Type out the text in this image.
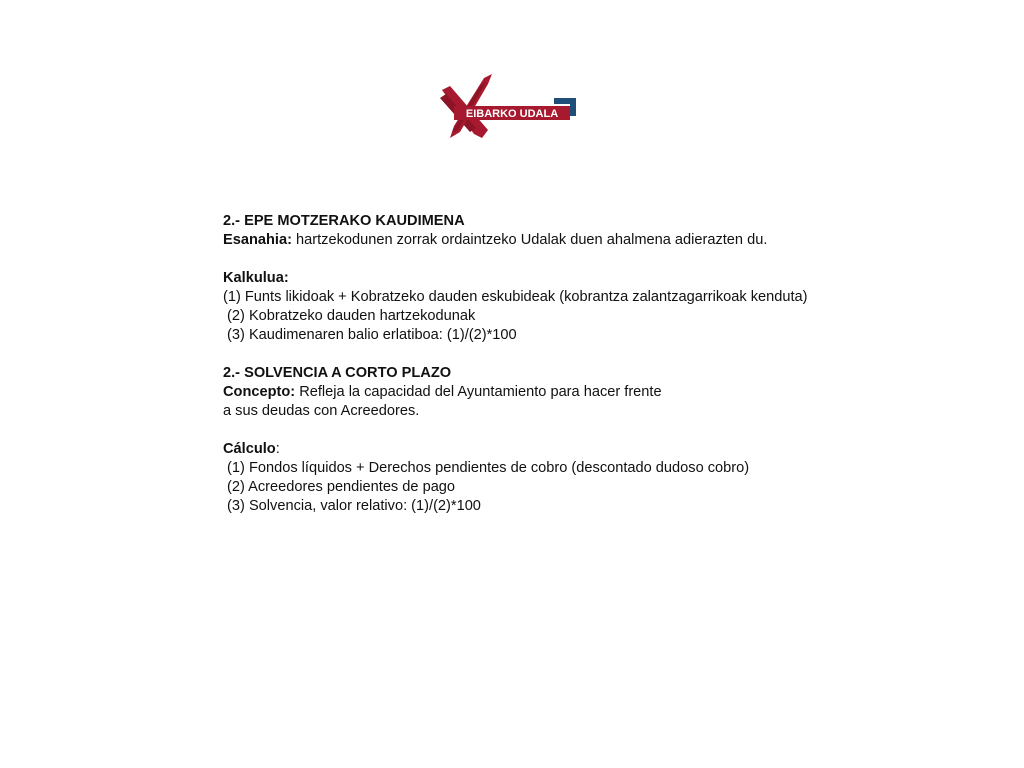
EIBARKO UDALA

2.- EPE MOTZERAKO KAUDIMENA

Esanahia: hartzekodunen zorrak ordaintzeko Udalak duen ahalmena adierazten du.

Kalkulua:

(1) Funts likidoak + Kobratzeko dauden eskubideak (kobrantza zalantzagarrikoak kenduta)

(2) Kobratzeko dauden hartzekodunak

(3) Kaudimenaren balio erlatiboa: (1)/(2)*100

2.- SOLVENCIA A CORTO PLAZO

Concepto: Refleja la capacidad del Ayuntamiento para hacer frente

a sus deudas con Acreedores.

Cálculo:

(1) Fondos líquidos + Derechos pendientes de cobro (descontado dudoso cobro)

(2) Acreedores pendientes de pago

(3) Solvencia, valor relativo: (1)/(2)*100
